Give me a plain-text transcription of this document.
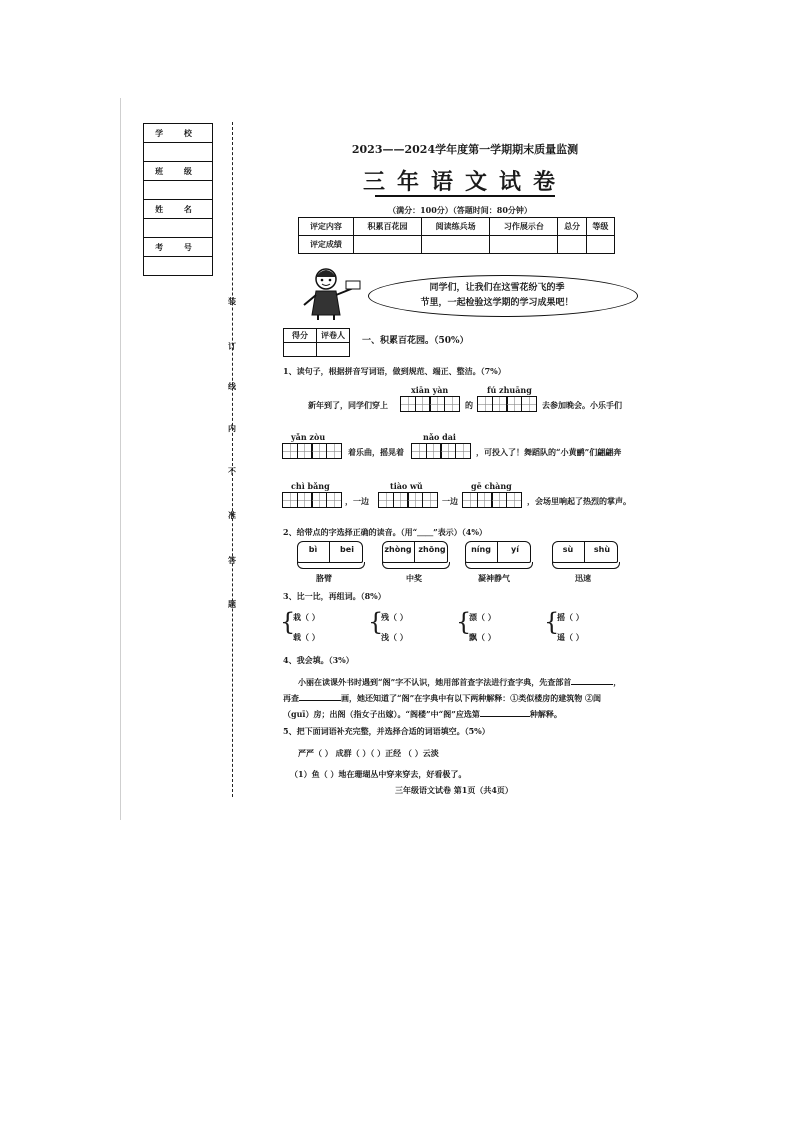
学 校

班 级

姓 名

考 号

装
订
线
内
不
准
答
题
2023——2024学年度第一学期期末质量监测
三年语文试卷
（满分：100分）（答题时间：80分钟）
评定内容	积累百花园	阅读练兵场	习作展示台	总分	等级
评定成绩					
同学们，让我们在这雪花纷飞的季
节里，一起检验这学期的学习成果吧！
得分	评卷人

一、积累百花园。（50%）
1、读句子，根据拼音写词语，做到规范、端正、整洁。（7%）
xiān yàn	fú zhuāng
新年到了，同学们穿上	的	去参加晚会。小乐手们
yǎn zòu	nǎo dai
着乐曲，摇晃着	，可投入了！舞蹈队的“小黄鹂”们翩翩奔
chì bǎng	tiào wǔ	gē chàng
，一边	一边	，会场里响起了热烈的掌声。
2、给带点的字选择正确的读音。（用“＿＿”表示）（4%）
bì	bei
胳臂
zhòng zhōng
中奖
níng	yí
凝神静气
sù	shù
迅速
3、比一比，再组词。（8%）
{
栽（ ）
载（ ）
{
残（ ）
浅（ ）
{
漂（ ）
飘（ ）
{
摇（ ）
遥（ ）
4、我会填。（3%）
小丽在读课外书时遇到“阁”字不认识，她用部首查字法进行查字典，先查部首	，
再查	画，她还知道了“阁”在字典中有以下两种解释：①类似楼房的建筑物 ②闺
（guī）房；出阁（指女子出嫁）。“阁楼”中“阁”应选第	种解释。
5、把下面词语补充完整，并选择合适的词语填空。（5%）
严严（ ） 成群（ ）（ ）正经 （ ）云淡
（1）鱼（ ）地在珊瑚丛中穿来穿去，好看极了。
三年级语文试卷 第1页（共4页）
